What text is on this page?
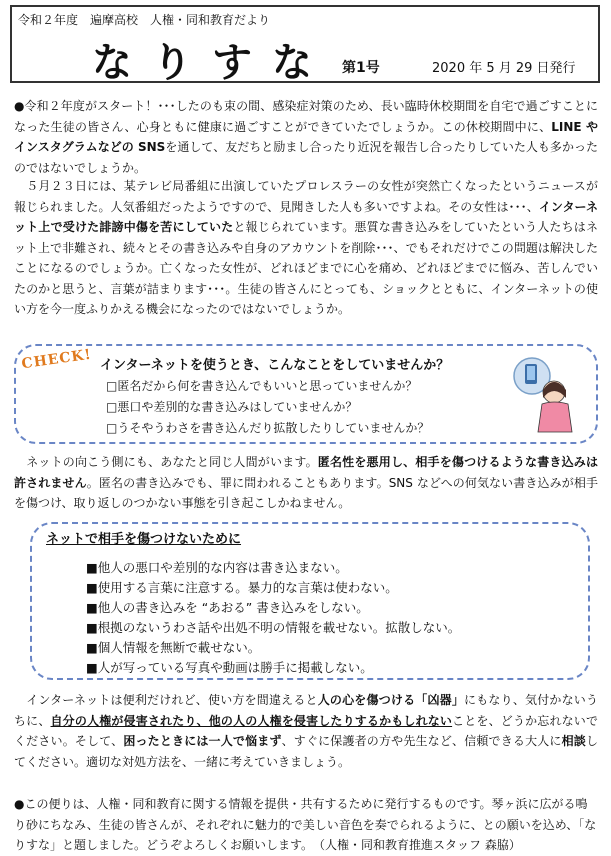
令和２年度　遍摩高校　人権・同和教育だより
なりすな 第1号	2020 年 5 月 29 日発行
●令和２年度がスタート！･･･したのも束の間、感染症対策のため、長い臨時休校期間を自宅で過ごすことになった生徒の皆さん、心身ともに健康に過ごすことができていたでしょうか。この休校期間中に、LINE やインスタグラムなどの SNSを通して、友だちと励まし合ったり近況を報告し合ったりしていた人も多かったのではないでしょうか。
　５月２３日には、某テレビ局番組に出演していたプロレスラーの女性が突然亡くなったというニュースが報じられました。人気番組だったようですので、見聞きした人も多いですよね。その女性は･･･、インターネット上で受けた誹謗中傷を苦にしていたと報じられています。悪質な書き込みをしていたという人たちはネット上で非難され、続々とその書き込みや自身のアカウントを削除･･･、でもそれだけでこの問題は解決したことになるのでしょうか。亡くなった女性が、どれほどまでに心を痛め、どれほどまでに悩み、苦しんでいたのかと思うと、言葉が詰まります･･･。生徒の皆さんにとっても、ショックとともに、インターネットの使い方を今一度ふりかえる機会になったのではないでしょうか。
CHECK! インターネットを使うとき、こんなことをしていませんか？
□匿名だから何を書き込んでもいいと思っていませんか？
□悪口や差別的な書き込みはしていませんか？
□うそやうわさを書き込んだり拡散したりしていませんか？
　ネットの向こう側にも、あなたと同じ人間がいます。匿名性を悪用し、相手を傷つけるような書き込みは許されません。匿名の書き込みでも、罪に問われることもあります。SNS などへの何気ない書き込みが相手を傷つけ、取り返しのつかない事態を引き起こしかねません。
ネットで相手を傷つけないために
■他人の悪口や差別的な内容は書き込まない。
■使用する言葉に注意する。暴力的な言葉は使わない。
■他人の書き込みを “あおる” 書き込みをしない。
■根拠のないうわさ話や出処不明の情報を載せない。拡散しない。
■個人情報を無断で載せない。
■人が写っている写真や動画は勝手に掲載しない。
　インターネットは便利だけれど、使い方を間違えると人の心を傷つける「凶器」にもなり、気付かないうちに、自分の人権が侵害されたり、他の人の人権を侵害したりするかもしれないことを、どうか忘れないでください。そして、困ったときには一人で悩まず、すぐに保護者の方や先生など、信頼できる大人に相談してください。適切な対処方法を、一緒に考えていきましょう。
●この便りは、人権・同和教育に関する情報を提供・共有するために発行するものです。琴ヶ浜に広がる鳴り砂にちなみ、生徒の皆さんが、それぞれに魅力的で美しい音色を奏でられるように、との願いを込め、「なりすな」と題しました。どうぞよろしくお願いします。　（人権・同和教育推進スタッフ 森脇）
